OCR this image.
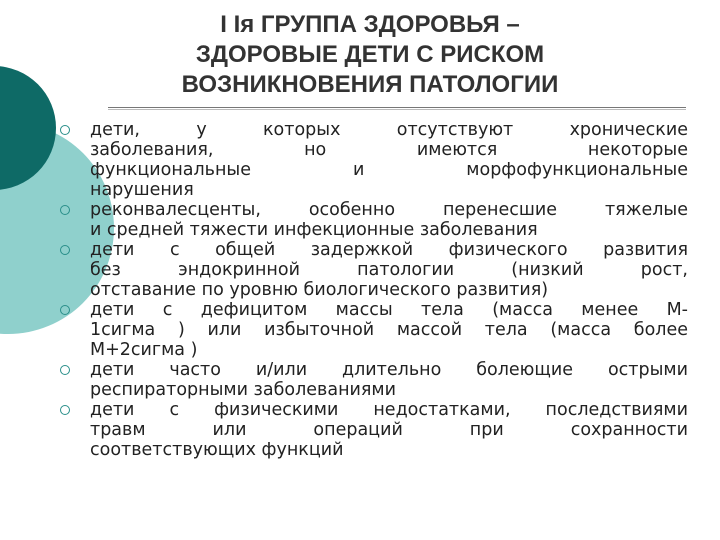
I Iя ГРУППА ЗДОРОВЬЯ –
ЗДОРОВЫЕ ДЕТИ С РИСКОМ
ВОЗНИКНОВЕНИЯ ПАТОЛОГИИ
дети, у которых отсутствуют хронические
заболевания, но имеются некоторые
функциональные и морфофункциональные
нарушения
реконвалесценты, особенно перенесшие тяжелые
и средней тяжести инфекционные заболевания
дети с общей задержкой физического развития
без эндокринной патологии (низкий рост,
отставание по уровню биологического развития)
дети с дефицитом массы тела (масса менее М-
1сигма ) или избыточной массой тела (масса более
М+2сигма )
дети часто и/или длительно болеющие острыми
респираторными заболеваниями
дети с физическими недостатками, последствиями
травм или операций при сохранности
соответствующих функций
